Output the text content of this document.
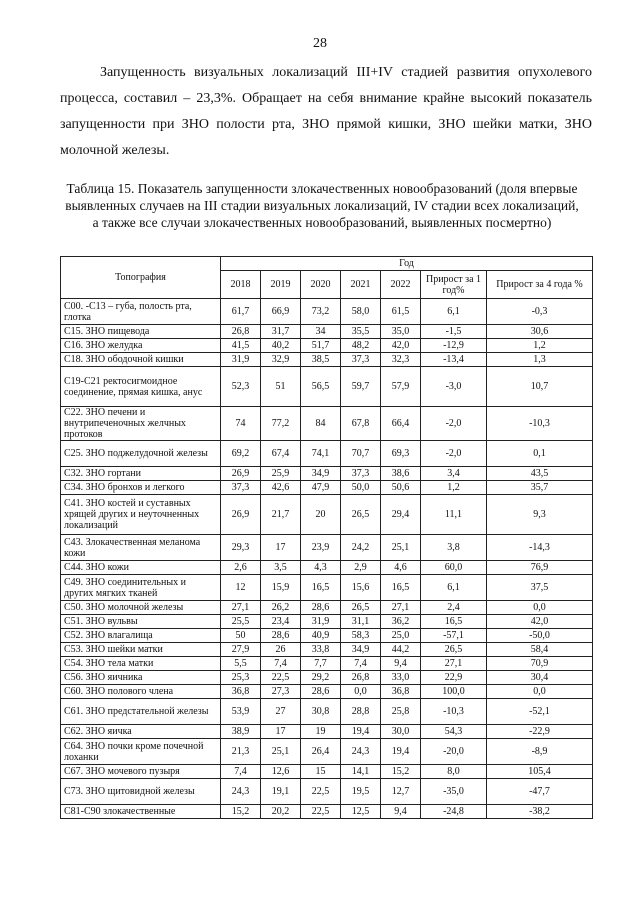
28
Запущенность визуальных локализаций III+IV стадией развития опухолевого процесса, составил – 23,3%. Обращает на себя внимание крайне высокий показатель запущенности при ЗНО полости рта, ЗНО прямой кишки, ЗНО шейки матки, ЗНО молочной железы.
Таблица 15. Показатель запущенности злокачественных новообразований (доля впервые выявленных случаев на III стадии визуальных локализаций, IV стадии всех локализаций, а также все случаи злокачественных новообразований, выявленных посмертно)
Топография	Год						
	2018	2019	2020	2021	2022	Прирост за 1 год%	Прирост за 4 года %
C00. -C13 – губа, полость рта, глотка	61,7	66,9	73,2	58,0	61,5	6,1	-0,3
C15. ЗНО пищевода	26,8	31,7	34	35,5	35,0	-1,5	30,6
C16. ЗНО желудка	41,5	40,2	51,7	48,2	42,0	-12,9	1,2
C18. ЗНО ободочной кишки	31,9	32,9	38,5	37,3	32,3	-13,4	1,3
C19-C21 ректосигмоидное соединение, прямая кишка, анус	52,3	51	56,5	59,7	57,9	-3,0	10,7
C22. ЗНО печени и внутрипеченочных желчных протоков	74	77,2	84	67,8	66,4	-2,0	-10,3
C25. ЗНО поджелудочной железы	69,2	67,4	74,1	70,7	69,3	-2,0	0,1
C32. ЗНО гортани	26,9	25,9	34,9	37,3	38,6	3,4	43,5
C34. ЗНО бронхов и легкого	37,3	42,6	47,9	50,0	50,6	1,2	35,7
C41. ЗНО костей и суставных хрящей других и неуточненных локализаций	26,9	21,7	20	26,5	29,4	11,1	9,3
C43. Злокачественная меланома кожи	29,3	17	23,9	24,2	25,1	3,8	-14,3
C44. ЗНО кожи	2,6	3,5	4,3	2,9	4,6	60,0	76,9
C49. ЗНО соединительных и других мягких тканей	12	15,9	16,5	15,6	16,5	6,1	37,5
C50. ЗНО молочной железы	27,1	26,2	28,6	26,5	27,1	2,4	0,0
C51. ЗНО вульвы	25,5	23,4	31,9	31,1	36,2	16,5	42,0
C52. ЗНО влагалища	50	28,6	40,9	58,3	25,0	-57,1	-50,0
C53. ЗНО шейки матки	27,9	26	33,8	34,9	44,2	26,5	58,4
C54. ЗНО тела матки	5,5	7,4	7,7	7,4	9,4	27,1	70,9
C56. ЗНО яичника	25,3	22,5	29,2	26,8	33,0	22,9	30,4
C60. ЗНО полового члена	36,8	27,3	28,6	0,0	36,8	100,0	0,0
C61. ЗНО предстательной железы	53,9	27	30,8	28,8	25,8	-10,3	-52,1
C62. ЗНО яичка	38,9	17	19	19,4	30,0	54,3	-22,9
C64. ЗНО почки кроме почечной лоханки	21,3	25,1	26,4	24,3	19,4	-20,0	-8,9
C67. ЗНО мочевого пузыря	7,4	12,6	15	14,1	15,2	8,0	105,4
C73. ЗНО щитовидной железы	24,3	19,1	22,5	19,5	12,7	-35,0	-47,7
C81-C90 злокачественные	15,2	20,2	22,5	12,5	9,4	-24,8	-38,2
